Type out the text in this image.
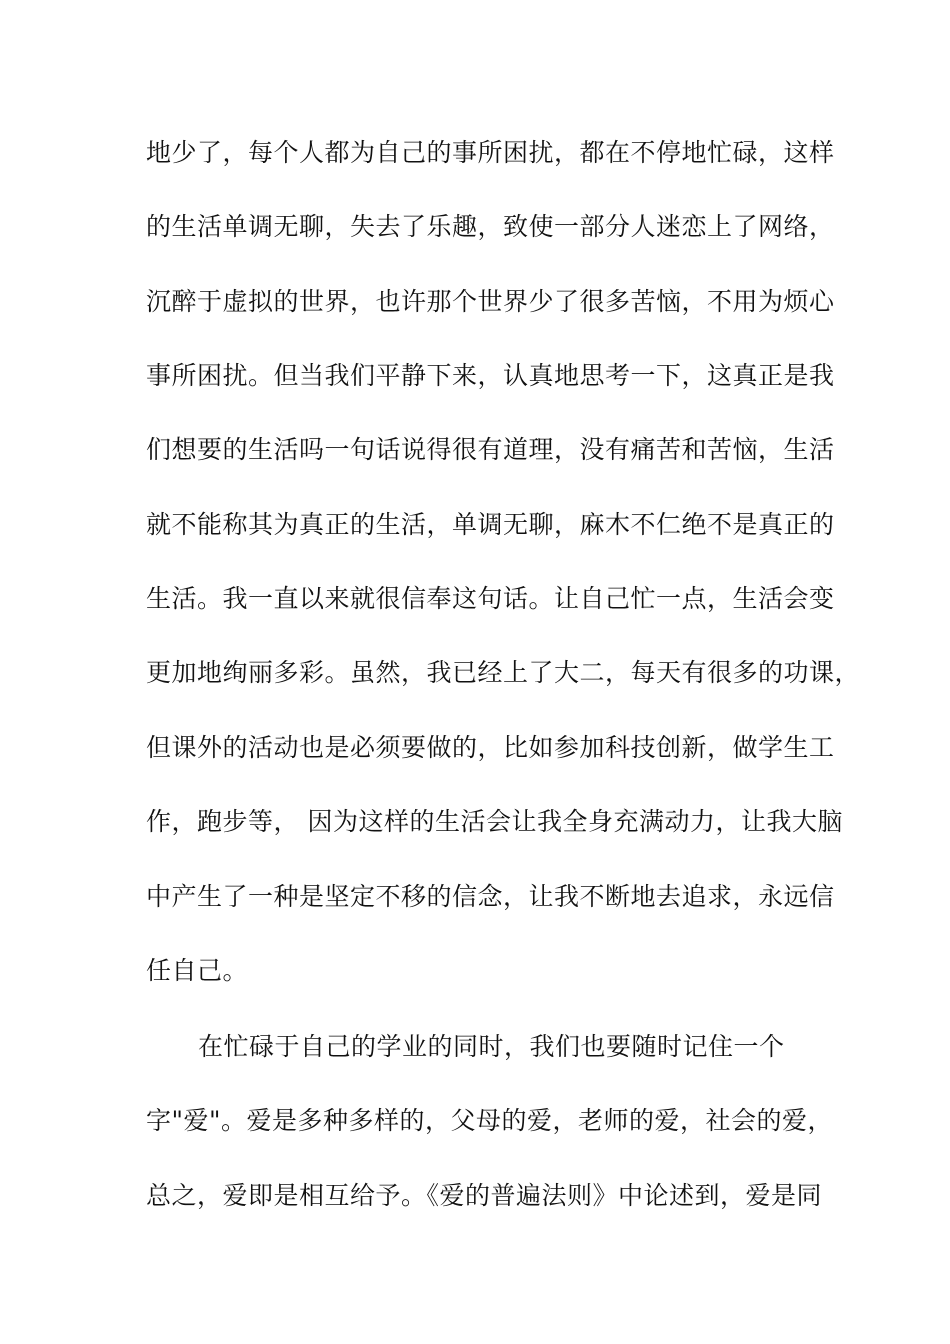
地少了，每个人都为自己的事所困扰，都在不停地忙碌，这样
的生活单调无聊，失去了乐趣，致使一部分人迷恋上了网络，
沉醉于虚拟的世界，也许那个世界少了很多苦恼，不用为烦心
事所困扰。但当我们平静下来，认真地思考一下，这真正是我
们想要的生活吗一句话说得很有道理，没有痛苦和苦恼，生活
就不能称其为真正的生活，单调无聊，麻木不仁绝不是真正的
生活。我一直以来就很信奉这句话。让自己忙一点，生活会变
更加地绚丽多彩。虽然，我已经上了大二，每天有很多的功课，
但课外的活动也是必须要做的，比如参加科技创新，做学生工
作，跑步等， 因为这样的生活会让我全身充满动力，让我大脑
中产生了一种是坚定不移的信念，让我不断地去追求，永远信
任自己。
在忙碌于自己的学业的同时，我们也要随时记住一个
字"爱"。爱是多种多样的，父母的爱，老师的爱，社会的爱，
总之，爱即是相互给予。《爱的普遍法则》中论述到，爱是同
